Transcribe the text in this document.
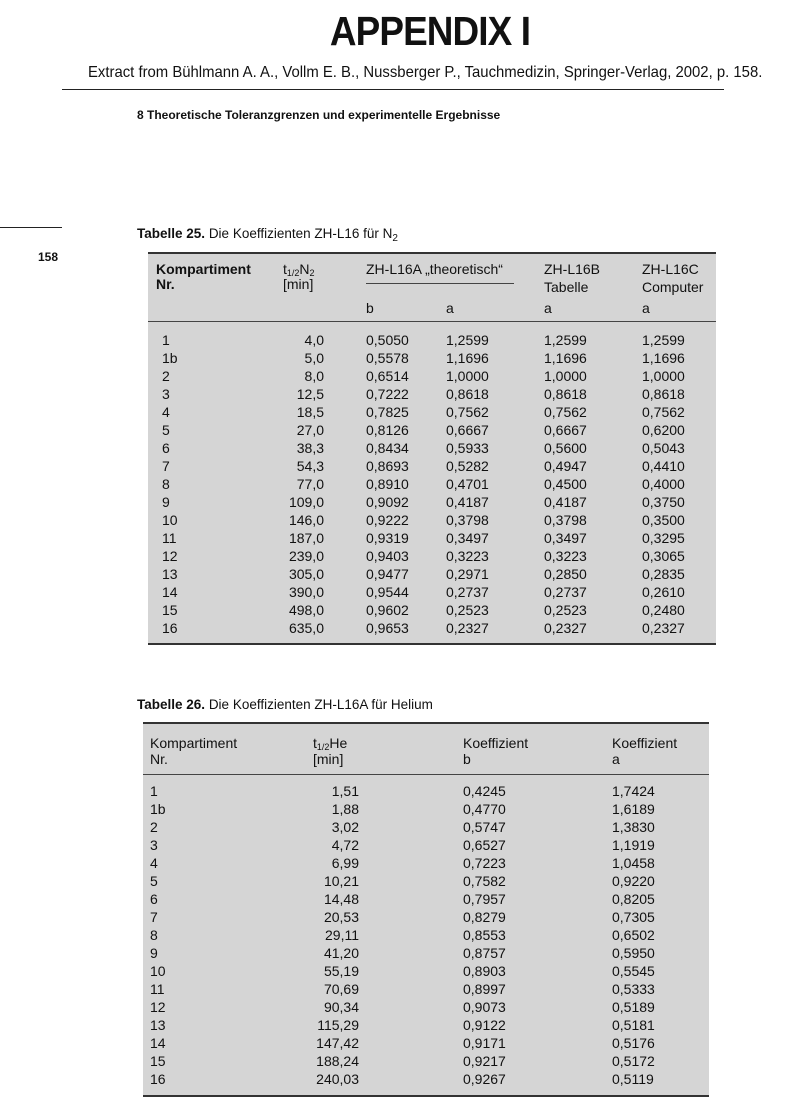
APPENDIX I
Extract from Bühlmann A. A., Vollm E. B., Nussberger P., Tauchmedizin, Springer-Verlag, 2002, p. 158.
8 Theoretische Toleranzgrenzen und experimentelle Ergebnisse
158
Tabelle 25. Die Koeffizienten ZH-L16 für $N_2$
Kompartiment
Nr.
t1/2N2
[min]
ZH-L16A „theoretisch“
b	a
ZH-L16B
Tabelle
a
ZH-L16C
Computer
a
1
1b
2
3
4
5
6
7
8
9
10
11
12
13
14
15
16
4,0
5,0
8,0
12,5
18,5
27,0
38,3
54,3
77,0
109,0
146,0
187,0
239,0
305,0
390,0
498,0
635,0
0,5050
0,5578
0,6514
0,7222
0,7825
0,8126
0,8434
0,8693
0,8910
0,9092
0,9222
0,9319
0,9403
0,9477
0,9544
0,9602
0,9653
1,2599
1,1696
1,0000
0,8618
0,7562
0,6667
0,5933
0,5282
0,4701
0,4187
0,3798
0,3497
0,3223
0,2971
0,2737
0,2523
0,2327
1,2599
1,1696
1,0000
0,8618
0,7562
0,6667
0,5600
0,4947
0,4500
0,4187
0,3798
0,3497
0,3223
0,2850
0,2737
0,2523
0,2327
1,2599
1,1696
1,0000
0,8618
0,7562
0,6200
0,5043
0,4410
0,4000
0,3750
0,3500
0,3295
0,3065
0,2835
0,2610
0,2480
0,2327
Tabelle 26. Die Koeffizienten ZH-L16A für Helium
Kompartiment
Nr.
t1/2He
[min]
Koeffizient
b
Koeffizient
a
1
1b
2
3
4
5
6
7
8
9
10
11
12
13
14
15
16
1,51
1,88
3,02
4,72
6,99
10,21
14,48
20,53
29,11
41,20
55,19
70,69
90,34
115,29
147,42
188,24
240,03
0,4245
0,4770
0,5747
0,6527
0,7223
0,7582
0,7957
0,8279
0,8553
0,8757
0,8903
0,8997
0,9073
0,9122
0,9171
0,9217
0,9267
1,7424
1,6189
1,3830
1,1919
1,0458
0,9220
0,8205
0,7305
0,6502
0,5950
0,5545
0,5333
0,5189
0,5181
0,5176
0,5172
0,5119
